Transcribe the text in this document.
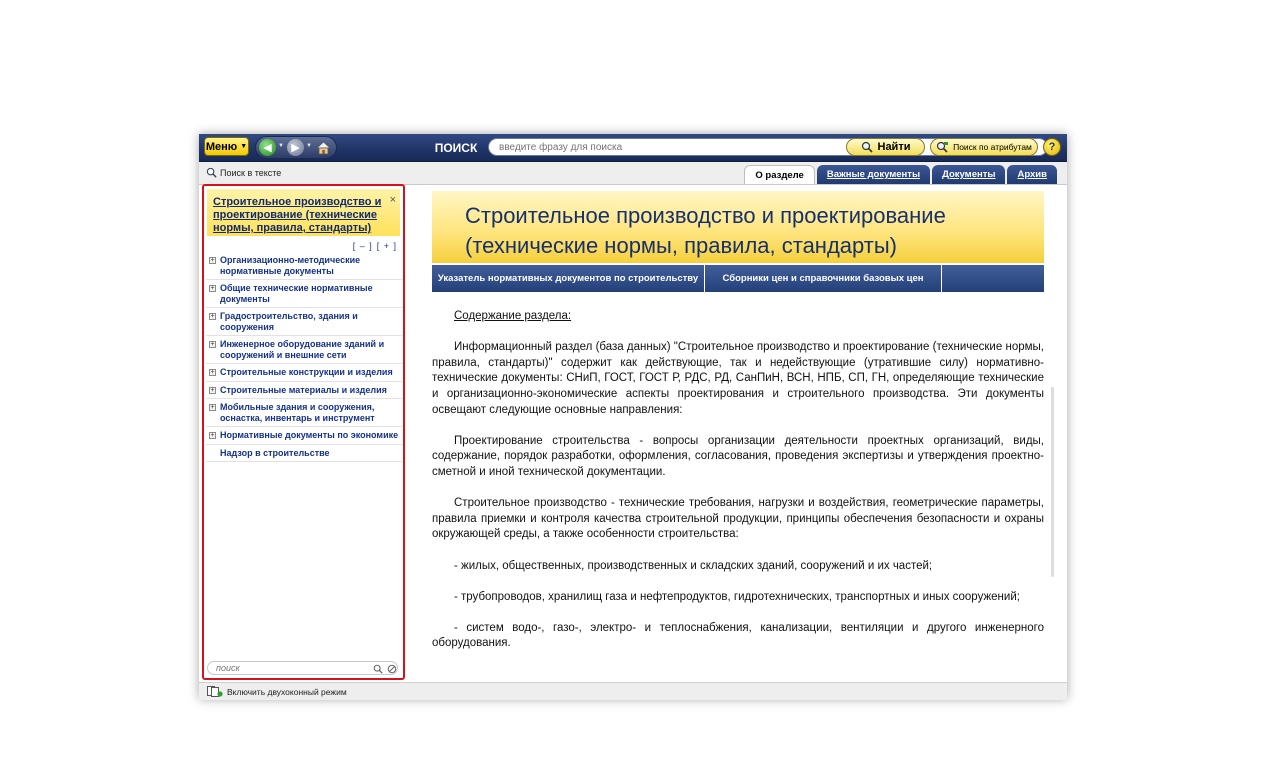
Меню ▼	◀	▼ ▶	▼	ПОИСК
введите фразу для поиска	Найти	Поиск по атрибутам	?
Поиск в тексте	О разделе	Важные документы	Документы	Архив
Строительное производство и проектирование (технические нормы, правила, стандарты)
×
[ – ] [ + ]
+ Организационно-методические нормативные документы
+ Общие технические нормативные документы
+ Градостроительство, здания и сооружения
+ Инженерное оборудование зданий и сооружений и внешние сети
+ Строительные конструкции и изделия
+ Строительные материалы и изделия
+ Мобильные здания и сооружения, оснастка, инвентарь и инструмент
+ Нормативные документы по экономике
Надзор в строительстве
поиск
Строительное производство и проектирование (технические нормы, правила, стандарты)
Указатель нормативных документов по строительству	Сборники цен и справочники базовых цен

Содержание раздела:

Информационный раздел (база данных) "Строительное производство и проектирование (технические нормы, правила, стандарты)" содержит как действующие, так и недействующие (утратившие силу) нормативно-технические документы: СНиП, ГОСТ, ГОСТ Р, РДС, РД, СанПиН, ВСН, НПБ, СП, ГН, определяющие технические и организационно-экономические аспекты проектирования и строительного производства. Эти документы освещают следующие основные направления:

Проектирование строительства - вопросы организации деятельности проектных организаций, виды, содержание, порядок разработки, оформления, согласования, проведения экспертизы и утверждения проектно-сметной и иной технической документации.

Строительное производство - технические требования, нагрузки и воздействия, геометрические параметры, правила приемки и контроля качества строительной продукции, принципы обеспечения безопасности и охраны окружающей среды, а также особенности строительства:

- жилых, общественных, производственных и складских зданий, сооружений и их частей;

- трубопроводов, хранилищ газа и нефтепродуктов, гидротехнических, транспортных и иных сооружений;

- систем водо-, газо-, электро- и теплоснабжения, канализации, вентиляции и другого инженерного оборудования.

Включить двухоконный режим
